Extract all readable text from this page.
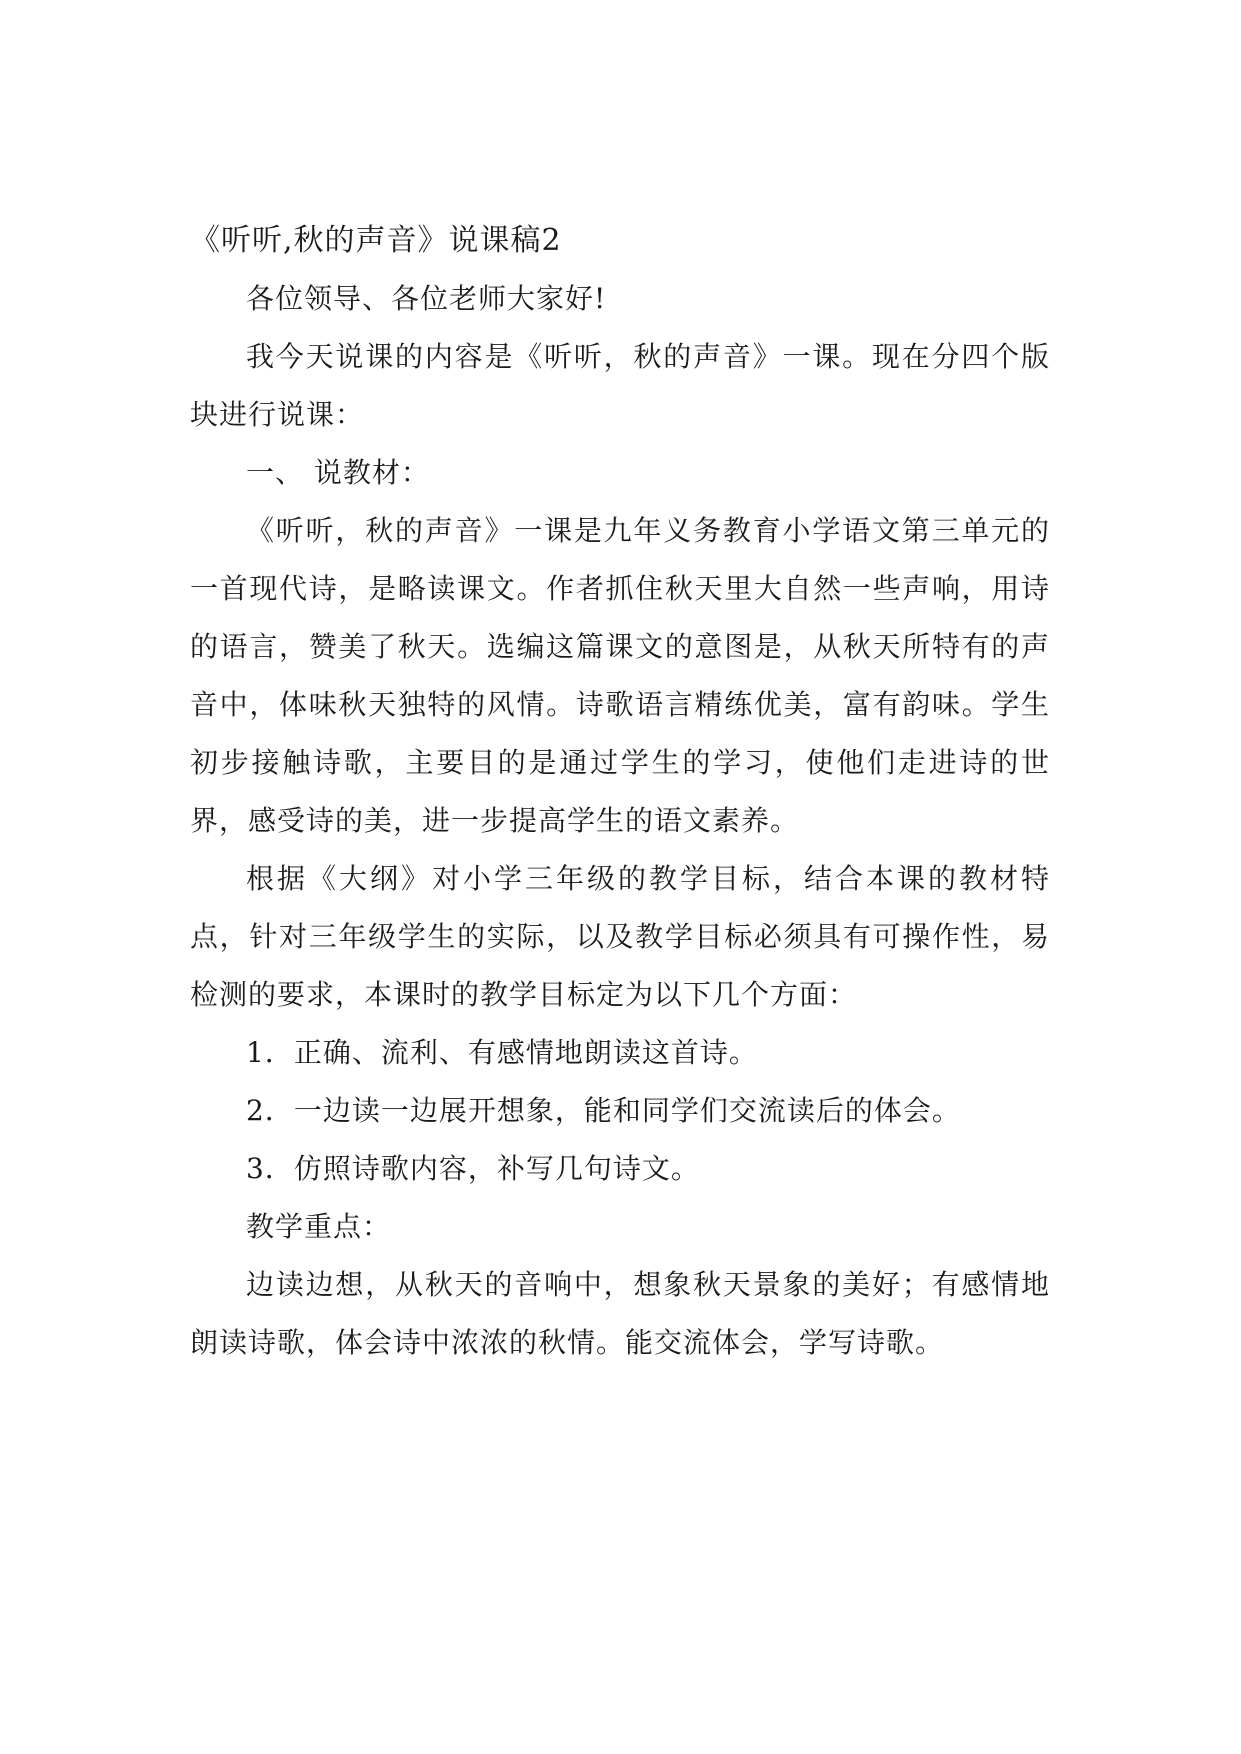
《听听,秋的声音》说课稿2

各位领导、各位老师大家好!

我今天说课的内容是《听听，秋的声音》一课。现在分四个版块进行说课：

一、 说教材：

《听听，秋的声音》一课是九年义务教育小学语文第三单元的一首现代诗，是略读课文。作者抓住秋天里大自然一些声响，用诗的语言，赞美了秋天。选编这篇课文的意图是，从秋天所特有的声音中，体味秋天独特的风情。诗歌语言精练优美，富有韵味。学生初步接触诗歌，主要目的是通过学生的学习，使他们走进诗的世界，感受诗的美，进一步提高学生的语文素养。

根据《大纲》对小学三年级的教学目标，结合本课的教材特点，针对三年级学生的实际，以及教学目标必须具有可操作性，易检测的要求，本课时的教学目标定为以下几个方面：

1．正确、流利、有感情地朗读这首诗。

2．一边读一边展开想象，能和同学们交流读后的体会。

3．仿照诗歌内容，补写几句诗文。

教学重点：

边读边想，从秋天的音响中，想象秋天景象的美好；有感情地朗读诗歌，体会诗中浓浓的秋情。能交流体会，学写诗歌。
